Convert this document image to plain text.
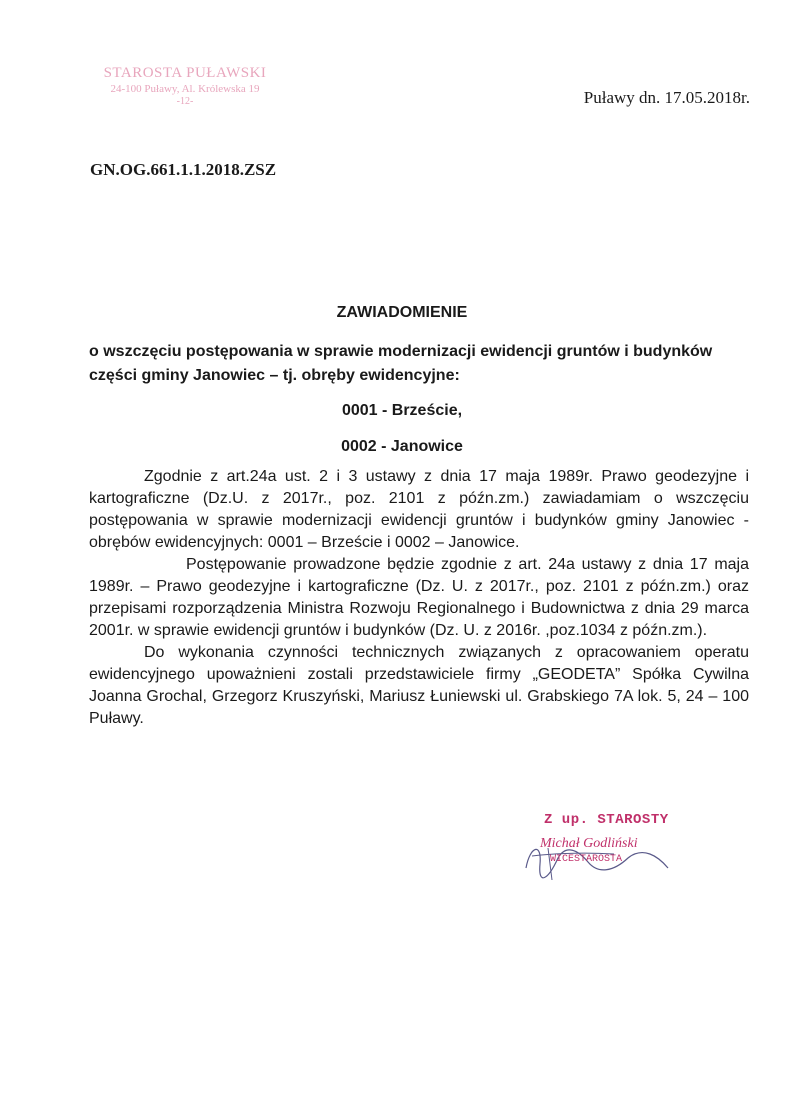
STAROSTA PUŁAWSKI
24-100 Puławy, Al. Królewska 19
-12-	Puławy dn. 17.05.2018r.
GN.OG.661.1.1.2018.ZSZ
ZAWIADOMIENIE
o wszczęciu postępowania w sprawie modernizacji ewidencji gruntów i budynków części gminy Janowiec – tj. obręby ewidencyjne:
0001 - Brzeście,
0002 - Janowice

Zgodnie z art.24a ust. 2 i 3 ustawy z dnia 17 maja 1989r. Prawo geodezyjne i kartograficzne (Dz.U. z 2017r., poz. 2101 z późn.zm.) zawiadamiam o wszczęciu postępowania w sprawie modernizacji ewidencji gruntów i budynków gminy Janowiec - obrębów ewidencyjnych: 0001 – Brzeście i 0002 – Janowice.

Postępowanie prowadzone będzie zgodnie z art. 24a ustawy z dnia 17 maja 1989r. – Prawo geodezyjne i kartograficzne (Dz. U. z 2017r., poz. 2101 z późn.zm.) oraz przepisami rozporządzenia Ministra Rozwoju Regionalnego i Budownictwa z dnia 29 marca 2001r. w sprawie ewidencji gruntów i budynków (Dz. U. z 2016r. ,poz.1034 z późn.zm.).

Do wykonania czynności technicznych związanych z opracowaniem operatu ewidencyjnego upoważnieni zostali przedstawiciele firmy „GEODETA” Spółka Cywilna Joanna Grochal, Grzegorz Kruszyński, Mariusz Łuniewski ul. Grabskiego 7A lok. 5, 24 – 100 Puławy.

Z up. STAROSTY
Michał Godliński
WICESTAROSTA
